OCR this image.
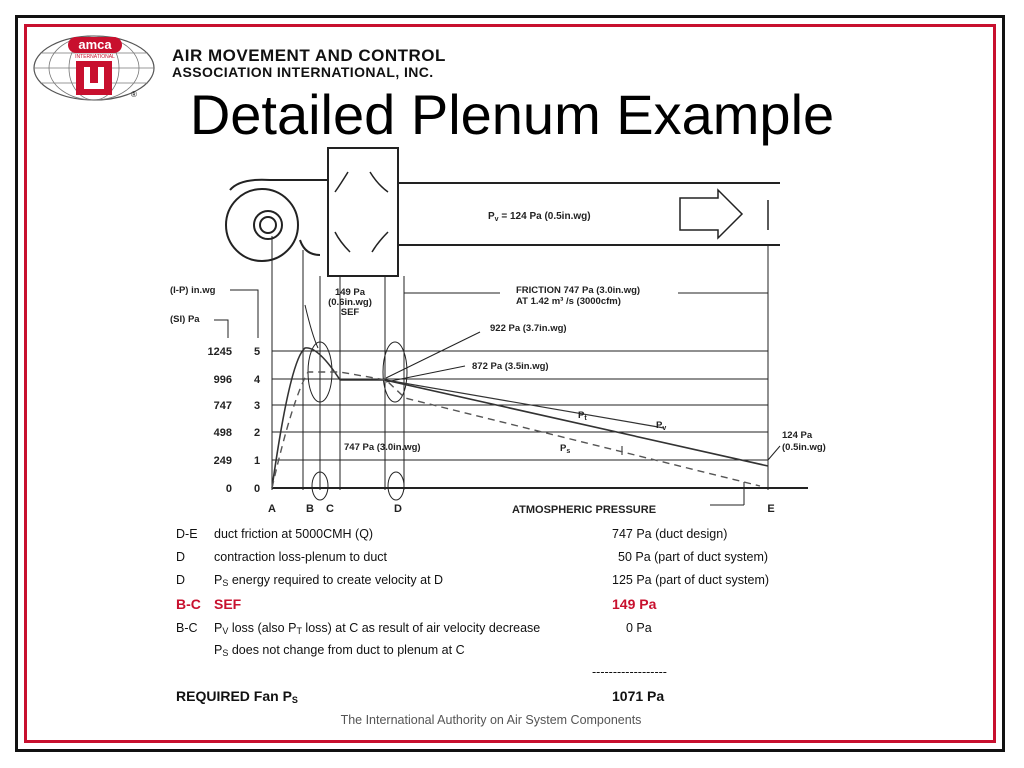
amca
INTERNATIONAL
®
AIR MOVEMENT AND CONTROL
ASSOCIATION INTERNATIONAL, INC.
Detailed Plenum Example
$P_v = 124$ Pa (0.5in.wg)
FRICTION 747 Pa (3.0in.wg)
AT 1.42 m³ /s (3000cfm)
149 Pa
(0.6in.wg)
SEF
922 Pa (3.7in.wg)
872 Pa (3.5in.wg)
747 Pa (3.0in.wg)
124 Pa
(0.5in.wg)
(I-P) in.wg
(SI) Pa
$P_t$
$P_v$
$P_s$
ATMOSPHERIC PRESSURE
1245
996
747
498
249
0
5
4
3
2
1
0
A	B C	D	E
D-E duct friction at 5000CMH (Q)	747 Pa (duct design)
D contraction loss-plenum to duct	50 Pa (part of duct system)
D $P_S$ energy required to create velocity at D	125 Pa (part of duct system)
B-C SEF	149 Pa
B-C $P_V$ loss (also $P_T$ loss) at C as result of air velocity decrease	0 Pa
$P_S$ does not change from duct to plenum at C
------------------
REQUIRED Fan $P_S$	1071 Pa
The International Authority on Air System Components
